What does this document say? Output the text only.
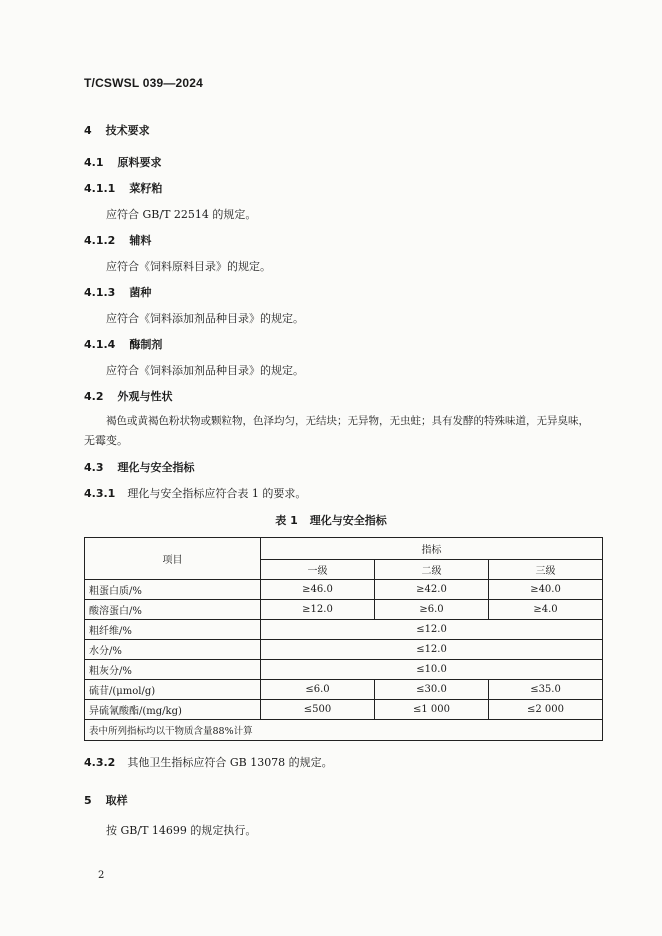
T/CSWSL 039—2024
4 技术要求
4.1 原料要求
4.1.1 菜籽粕
应符合 GB/T 22514 的规定。
4.1.2 辅料
应符合《饲料原料目录》的规定。
4.1.3 菌种
应符合《饲料添加剂品种目录》的规定。
4.1.4 酶制剂
应符合《饲料添加剂品种目录》的规定。
4.2 外观与性状
褐色或黄褐色粉状物或颗粒物，色泽均匀，无结块；无异物，无虫蛀；具有发酵的特殊味道，无异臭味，
无霉变。
4.3 理化与安全指标
4.3.1 理化与安全指标应符合表 1 的要求。
表 1 理化与安全指标
项目	指标		
	一级	二级	三级
粗蛋白质/%	≥46.0	≥42.0	≥40.0
酸溶蛋白/%	≥12.0	≥6.0	≥4.0
粗纤维/%	≤12.0		
水分/%	≤12.0		
粗灰分/%	≤10.0		
硫苷/(μmol/g)	≤6.0	≤30.0	≤35.0
异硫氰酸酯/(mg/kg)	≤500	≤1 000	≤2 000
表中所列指标均以干物质含量88%计算			
4.3.2 其他卫生指标应符合 GB 13078 的规定。
5 取样
按 GB/T 14699 的规定执行。
2
